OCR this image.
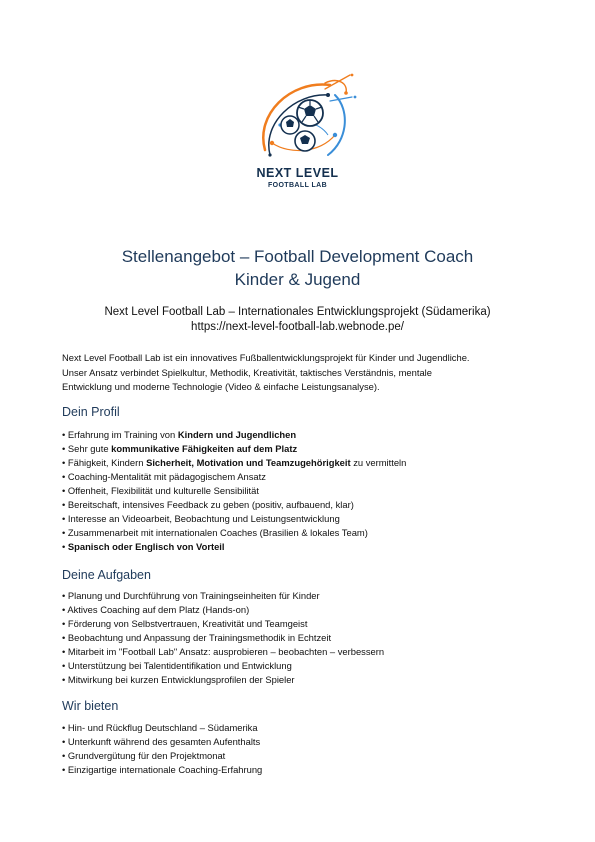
NEXT LEVEL
FOOTBALL LAB
Stellenangebot – Football Development Coach
Kinder & Jugend
Next Level Football Lab – Internationales Entwicklungsprojekt (Südamerika)
https://next-level-football-lab.webnode.pe/
Next Level Football Lab ist ein innovatives Fußballentwicklungsprojekt für Kinder und Jugendliche.
Unser Ansatz verbindet Spielkultur, Methodik, Kreativität, taktisches Verständnis, mentale
Entwicklung und moderne Technologie (Video & einfache Leistungsanalyse).
Dein Profil
• Erfahrung im Training von Kindern und Jugendlichen
• Sehr gute kommunikative Fähigkeiten auf dem Platz
• Fähigkeit, Kindern Sicherheit, Motivation und Teamzugehörigkeit zu vermitteln
• Coaching-Mentalität mit pädagogischem Ansatz
• Offenheit, Flexibilität und kulturelle Sensibilität
• Bereitschaft, intensives Feedback zu geben (positiv, aufbauend, klar)
• Interesse an Videoarbeit, Beobachtung und Leistungsentwicklung
• Zusammenarbeit mit internationalen Coaches (Brasilien & lokales Team)
• Spanisch oder Englisch von Vorteil
Deine Aufgaben
• Planung und Durchführung von Trainingseinheiten für Kinder
• Aktives Coaching auf dem Platz (Hands-on)
• Förderung von Selbstvertrauen, Kreativität und Teamgeist
• Beobachtung und Anpassung der Trainingsmethodik in Echtzeit
• Mitarbeit im "Football Lab" Ansatz: ausprobieren – beobachten – verbessern
• Unterstützung bei Talentidentifikation und Entwicklung
• Mitwirkung bei kurzen Entwicklungsprofilen der Spieler
Wir bieten
• Hin- und Rückflug Deutschland – Südamerika
• Unterkunft während des gesamten Aufenthalts
• Grundvergütung für den Projektmonat
• Einzigartige internationale Coaching-Erfahrung
